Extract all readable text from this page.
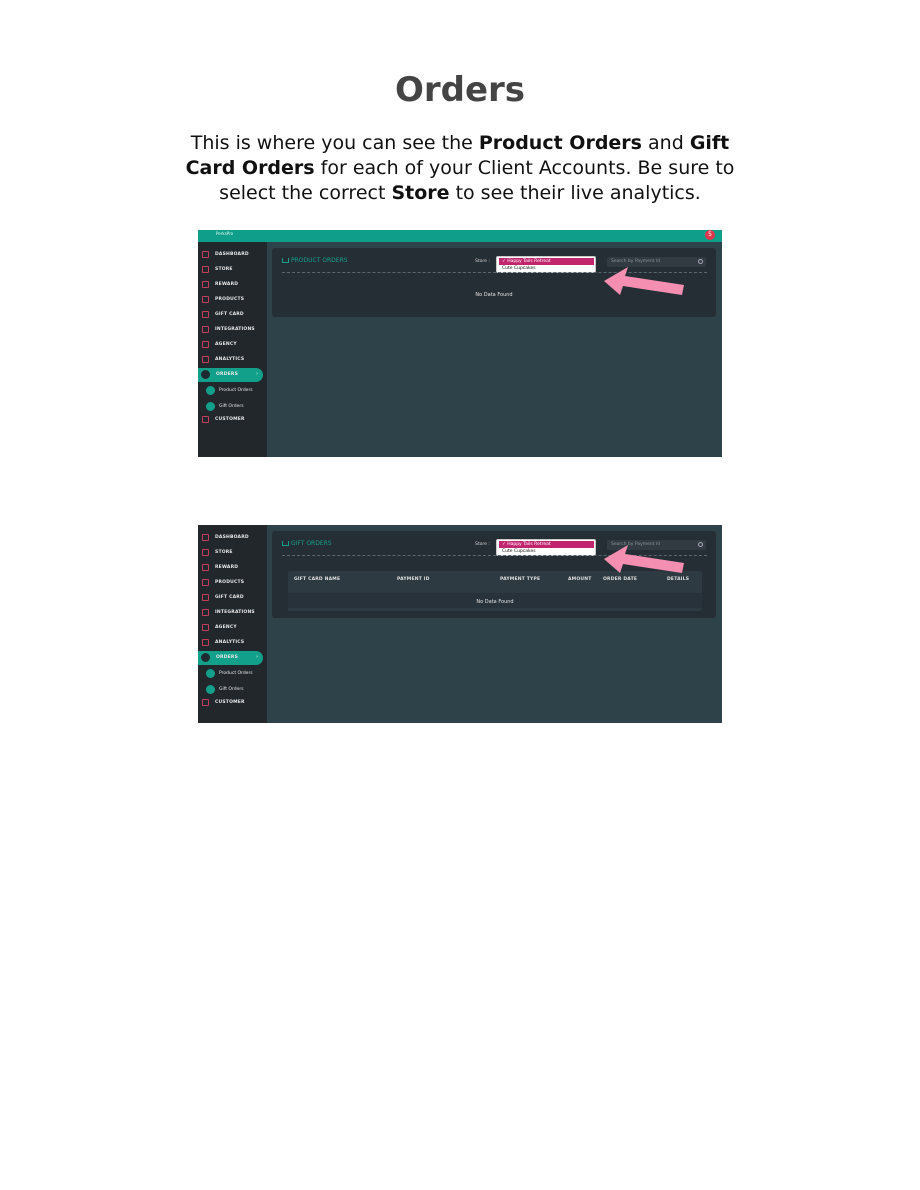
Orders
This is where you can see the Product Orders and Gift Card Orders for each of your Client Accounts. Be sure to select the correct Store to see their live analytics.
PerksPro	5
DASHBOARD
STORE
REWARD
PRODUCTS
GIFT CARD
INTEGRATIONS
AGENCY
ANALYTICS
ORDERS	›
Product Orders
Gift Orders
CUSTOMER
PRODUCT ORDERS	Store :	✓ Happy Tails Retreat
Cute Cupcakes
Search by Payment Id
No Data Found
DASHBOARD
STORE
REWARD
PRODUCTS
GIFT CARD
INTEGRATIONS
AGENCY
ANALYTICS
ORDERS	›
Product Orders
Gift Orders
CUSTOMER
GIFT ORDERS	Store :	✓ Happy Tails Retreat
Cute Cupcakes
Search by Payment Id
GIFT CARD NAME	PAYMENT ID	PAYMENT TYPE	AMOUNT	ORDER DATE	DETAILS
No Data Found
